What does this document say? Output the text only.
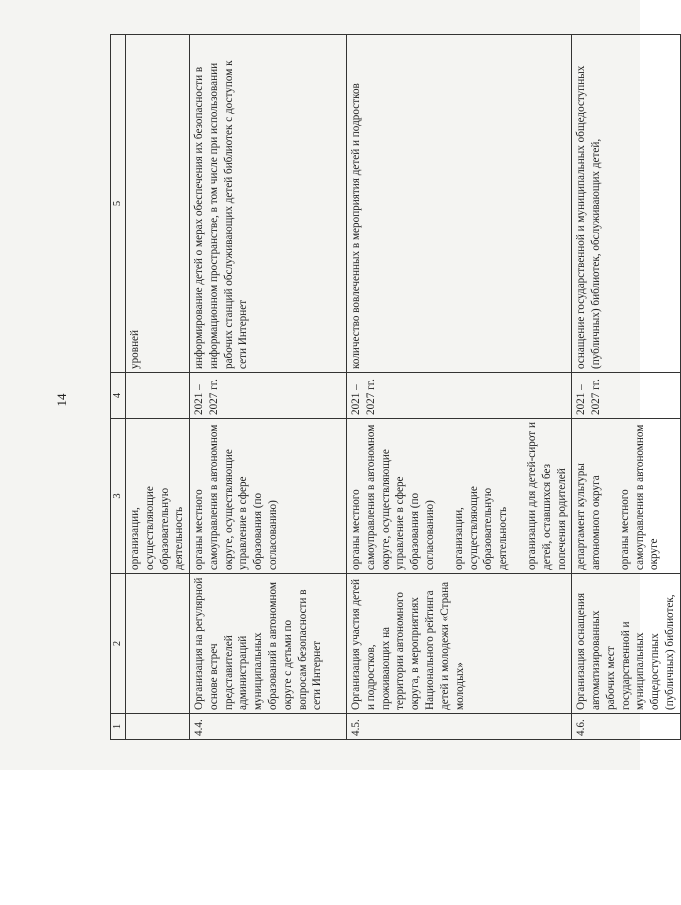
14
1	2	3	4	5

		организации, осуществляющие образовательную деятельность		уровней
4.4.	Организация на регулярной основе встреч представителей администраций муниципальных образований в автономном округе с детьми по вопросам безопасности в сети Интернет	органы местного самоуправления в автономном округе, осуществляющие управление в сфере образования (по согласованию)	2021 – 2027 гг.	информирование детей о мерах обеспечения их безопасности в информационном пространстве, в том числе при использовании рабочих станций обслуживающих детей библиотек с доступом к сети Интернет
4.5.	Организация участия детей и подростков, проживающих на территории автономного округа, в мероприятиях Национального рейтинга детей и молодежи «Страна молодых»	органы местного самоуправления в автономном округе, осуществляющие управление в сфере образования (по согласованию) организации, осуществляющие образовательную деятельность организации для детей-сирот и детей, оставшихся без попечения родителей	2021 – 2027 гг.	количество вовлеченных в мероприятия детей и подростков
4.6.	Организация оснащения автоматизированных рабочих мест государственной и муниципальных общедоступных (публичных) библиотек,	департамент культуры автономного округа органы местного самоуправления в автономном округе	2021 – 2027 гг.	оснащение государственной и муниципальных общедоступных (публичных) библиотек, обслуживающих детей,
